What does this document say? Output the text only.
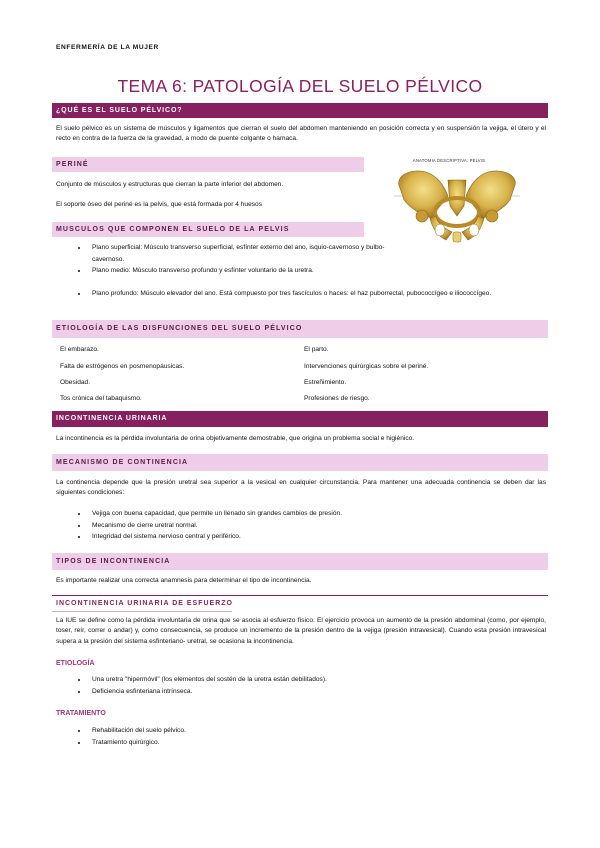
ENFERMERÍA DE LA MUJER
TEMA 6: PATOLOGÍA DEL SUELO PÉLVICO
¿QUÉ ES EL SUELO PÉLVICO?
El suelo pélvico es un sistema de músculos y ligamentos que cierran el suelo del abdomen manteniendo en posición correcta y en suspensión la vejiga, el útero y el recto en contra de la fuerza de la gravedad, a modo de puente colgante o hamaca.
PERINÉ
Conjunto de músculos y estructuras que cierran la parte inferior del abdomen.
El soporte óseo del periné es la pelvis, que está formada por 4 huesos
ANATOMIA DESCRIPTIVA: PELVIS
MUSCULOS QUE COMPONEN EL SUELO DE LA PELVIS
• Plano superficial: Músculo transverso superficial, esfínter externo del ano, isquio-cavernoso y bulbo-cavernoso.
• Plano medio: Músculo transverso profundo y esfínter voluntario de la uretra.
• Plano profundo: Músculo elevador del ano. Está compuesto por tres fascículos o haces: el haz puborrectal, pubococcígeo e iliococcígeo.
ETIOLOGÍA DE LAS DISFUNCIONES DEL SUELO PÉLVICO
El embarazo.
Falta de estrógenos en posmenopáusicas.
Obesidad.
Tos crónica del tabaquismo.
El parto.
Intervenciones quirúrgicas sobre el periné.
Estreñimiento.
Profesiones de riesgo.
INCONTINENCIA URINARIA
La incontinencia es la pérdida involuntaria de orina objetivamente demostrable, que origina un problema social e higiénico.
MECANISMO DE CONTINENCIA
La continencia depende que la presión uretral sea superior a la vesical en cualquier circunstancia. Para mantener una adecuada continencia se deben dar las siguientes condiciones:
• Vejiga con buena capacidad, que permite un llenado sin grandes cambios de presión.
• Mecanismo de cierre uretral normal.
• Integridad del sistema nervioso central y periférico.
TIPOS DE INCONTINENCIA
Es importante realizar una correcta anamnesis para determinar el tipo de incontinencia.
INCONTINENCIA URINARIA DE ESFUERZO
La IUE se define como la pérdida involuntaria de orina que se asocia al esfuerzo físico. El ejercicio provoca un aumento de la presión abdominal (como, por ejemplo, toser, reír, correr o andar) y, como consecuencia, se produce un incremento de la presión dentro de la vejiga (presión intravesical). Cuando esta presión intravesical supera a la presión del sistema esfinteriano- uretral, se ocasiona la incontinencia.
ETIOLOGÍA
• Una uretra "hipermóvil" (los elementos del sostén de la uretra están debilitados).
• Deficiencia esfinteriana intrínseca.
TRATAMIENTO
• Rehabilitación del suelo pélvico.
• Tratamiento quirúrgico.
